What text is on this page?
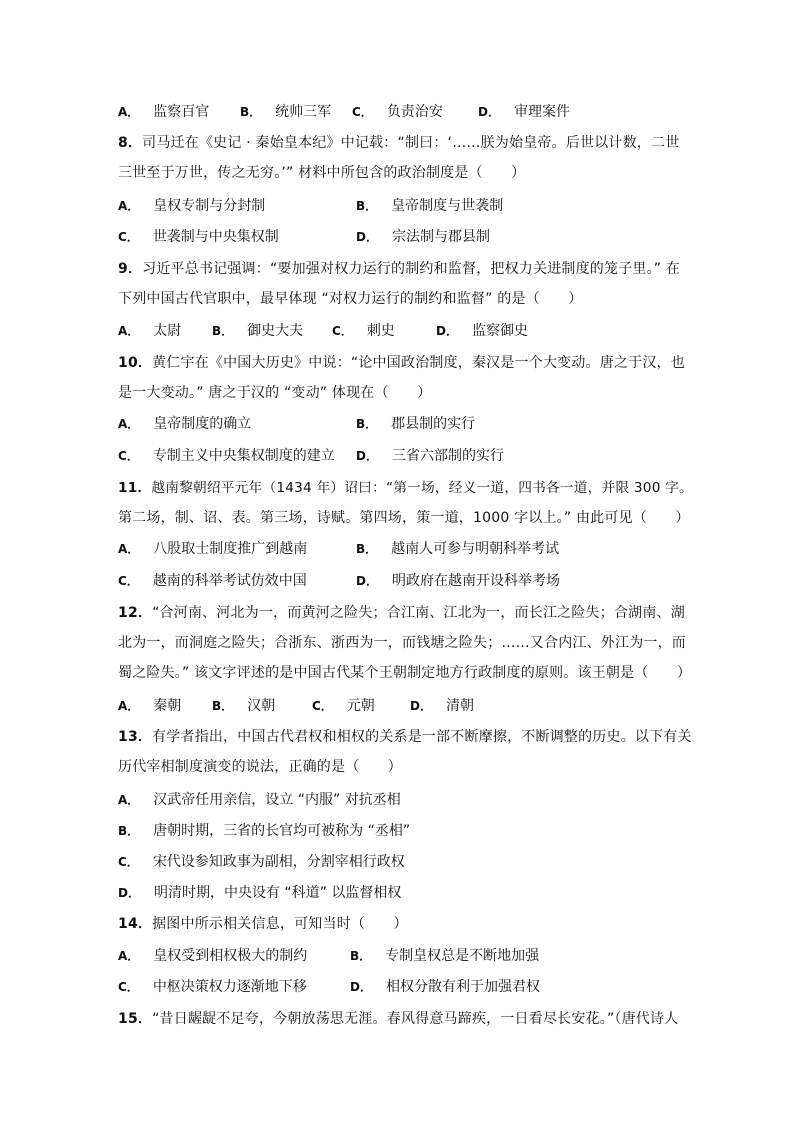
A． 监察百官	B． 统帅三军 C． 负责治安	D． 审理案件
8．司马迁在《史记 · 秦始皇本纪》中记载：“制曰：‘……朕为始皇帝。后世以计数，二世
三世至于万世，传之无穷。’” 材料中所包含的政治制度是（　　）
A． 皇权专制与分封制	B． 皇帝制度与世袭制
C． 世袭制与中央集权制	D． 宗法制与郡县制
9．习近平总书记强调：“要加强对权力运行的制约和监督，把权力关进制度的笼子里。” 在
下列中国古代官职中，最早体现 “对权力运行的制约和监督” 的是（　　）
A． 太尉	B． 御史大夫 C． 刺史	D． 监察御史
10．黄仁宇在《中国大历史》中说：“论中国政治制度，秦汉是一个大变动。唐之于汉，也
是一大变动。” 唐之于汉的 “变动” 体现在（　　）
A． 皇帝制度的确立	B． 郡县制的实行
C． 专制主义中央集权制度的建立 D． 三省六部制的实行
11．越南黎朝绍平元年（1434 年）诏曰：“第一场，经义一道，四书各一道，并限 300 字。
第二场，制、诏、表。第三场，诗赋。第四场，策一道，1000 字以上。” 由此可见（　　）
A． 八股取士制度推广到越南	B． 越南人可参与明朝科举考试
C． 越南的科举考试仿效中国	D． 明政府在越南开设科举考场
12．“合河南、河北为一，而黄河之险失；合江南、江北为一，而长江之险失；合湖南、湖
北为一，而洞庭之险失；合浙东、浙西为一，而钱塘之险失；……又合内江、外江为一，而
蜀之险失。” 该文字评述的是中国古代某个王朝制定地方行政制度的原则。该王朝是（　　）
A． 秦朝	B． 汉朝	C． 元朝	D． 清朝
13．有学者指出，中国古代君权和相权的关系是一部不断摩擦，不断调整的历史。以下有关
历代宰相制度演变的说法，正确的是（　　）
A． 汉武帝任用亲信，设立 “内服” 对抗丞相
B． 唐朝时期，三省的长官均可被称为 “丞相”
C． 宋代设参知政事为副相，分割宰相行政权
D． 明清时期，中央设有 “科道” 以监督相权
14．据图中所示相关信息，可知当时（　　）
A． 皇权受到相权极大的制约	B． 专制皇权总是不断地加强
C． 中枢决策权力逐渐地下移	D． 相权分散有利于加强君权
15．“昔日龌龊不足夸，今朝放荡思无涯。春风得意马蹄疾，一日看尽长安花。”（唐代诗人
